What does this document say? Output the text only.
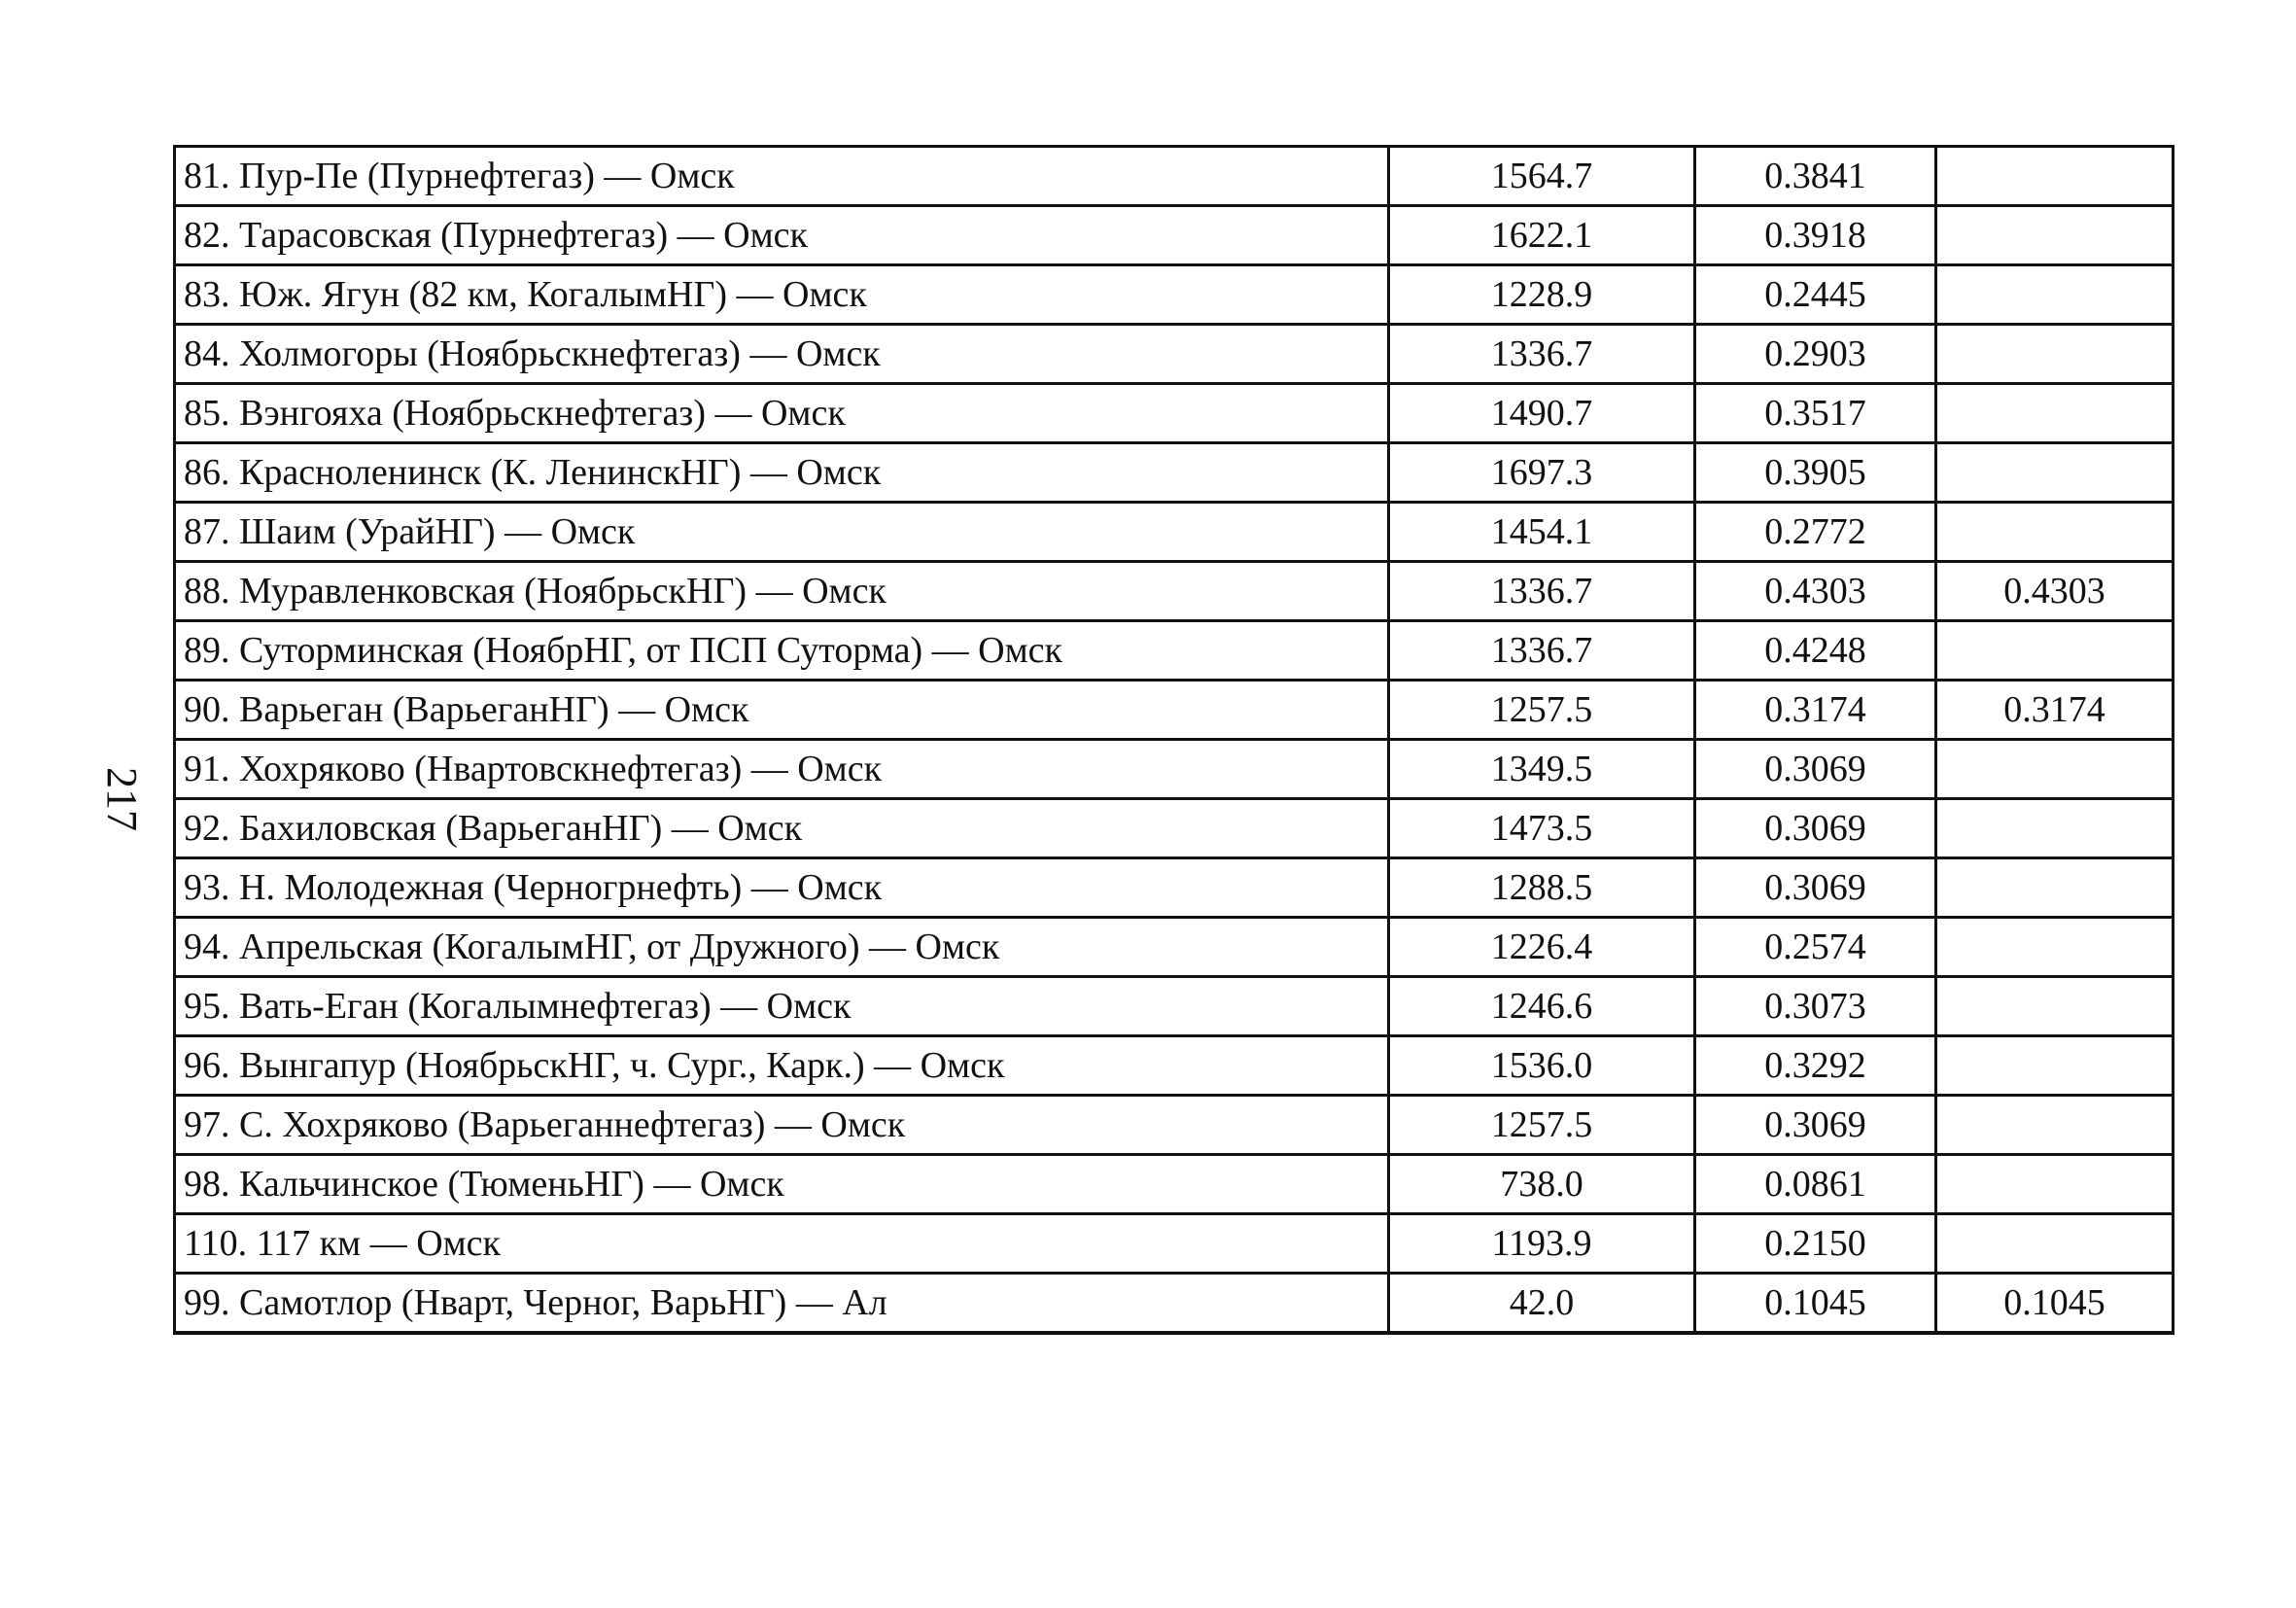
217
81. Пур-Пе (Пурнефтегаз) — Омск	1564.7	0.3841	
82. Тарасовская (Пурнефтегаз) — Омск	1622.1	0.3918	
83. Юж. Ягун (82 км, КогалымНГ) — Омск	1228.9	0.2445	
84. Холмогоры (Ноябрьскнефтегаз) — Омск	1336.7	0.2903	
85. Вэнгояха (Ноябрьскнефтегаз) — Омск	1490.7	0.3517	
86. Красноленинск (К. ЛенинскНГ) — Омск	1697.3	0.3905	
87. Шаим (УрайНГ) — Омск	1454.1	0.2772	
88. Муравленковская (НоябрьскНГ) — Омск	1336.7	0.4303	0.4303
89. Суторминская (НоябрНГ, от ПСП Суторма) — Омск	1336.7	0.4248	
90. Варьеган (ВарьеганНГ) — Омск	1257.5	0.3174	0.3174
91. Хохряково (Нвартовскнефтегаз) — Омск	1349.5	0.3069	
92. Бахиловская (ВарьеганНГ) — Омск	1473.5	0.3069	
93. Н. Молодежная (Черногрнефть) — Омск	1288.5	0.3069	
94. Апрельская (КогалымНГ, от Дружного) — Омск	1226.4	0.2574	
95. Вать-Еган (Когалымнефтегаз) — Омск	1246.6	0.3073	
96. Вынгапур (НоябрьскНГ, ч. Сург., Карк.) — Омск	1536.0	0.3292	
97. С. Хохряково (Варьеганнефтегаз) — Омск	1257.5	0.3069	
98. Кальчинское (ТюменьНГ) — Омск	738.0	0.0861	
110. 117 км — Омск	1193.9	0.2150	
99. Самотлор (Нварт, Черног, ВарьНГ) — Ал	42.0	0.1045	0.1045
